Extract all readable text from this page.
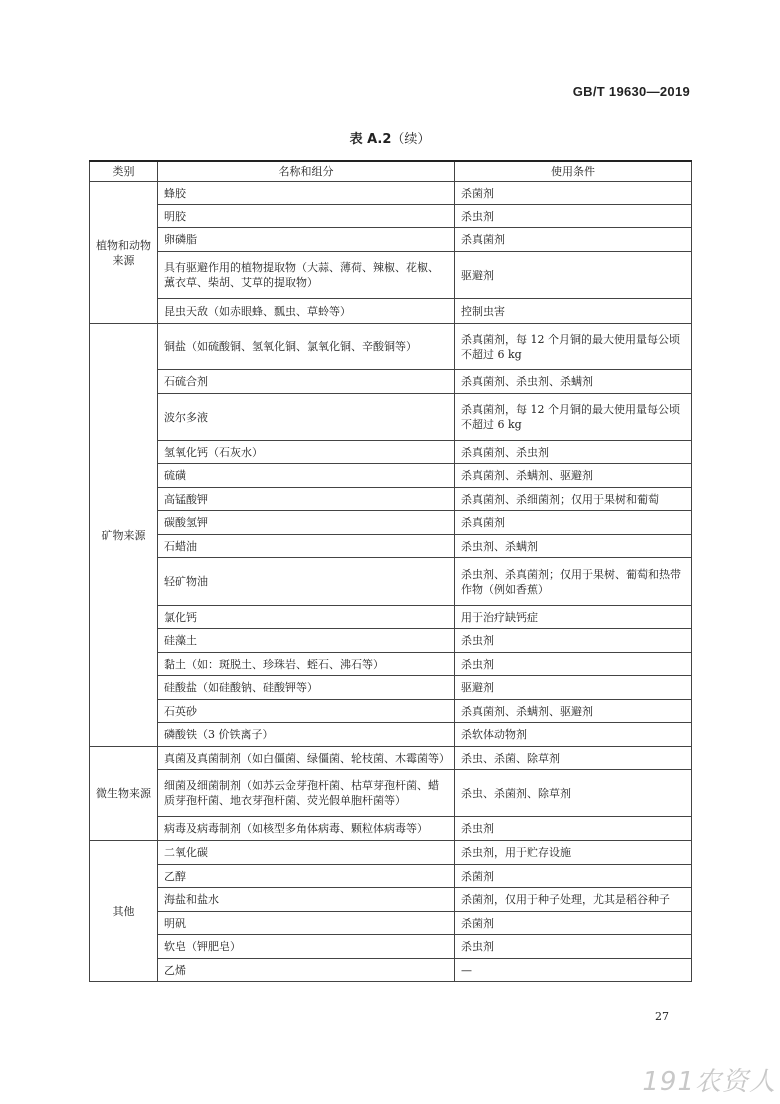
GB/T 19630—2019
表 A.2（续）
类别	名称和组分	使用条件
植物和动物来源	蜂胶	杀菌剂
	明胶	杀虫剂
	卵磷脂	杀真菌剂
	具有驱避作用的植物提取物（大蒜、薄荷、辣椒、花椒、薰衣草、柴胡、艾草的提取物）	驱避剂
	昆虫天敌（如赤眼蜂、瓢虫、草蛉等）	控制虫害
矿物来源	铜盐（如硫酸铜、氢氧化铜、氯氧化铜、辛酸铜等）	杀真菌剂，每 12 个月铜的最大使用量每公顷不超过 6 kg
	石硫合剂	杀真菌剂、杀虫剂、杀螨剂
	波尔多液	杀真菌剂，每 12 个月铜的最大使用量每公顷不超过 6 kg
	氢氧化钙（石灰水）	杀真菌剂、杀虫剂
	硫磺	杀真菌剂、杀螨剂、驱避剂
	高锰酸钾	杀真菌剂、杀细菌剂；仅用于果树和葡萄
	碳酸氢钾	杀真菌剂
	石蜡油	杀虫剂、杀螨剂
	轻矿物油	杀虫剂、杀真菌剂；仅用于果树、葡萄和热带作物（例如香蕉）
	氯化钙	用于治疗缺钙症
	硅藻土	杀虫剂
	黏土（如：斑脱土、珍珠岩、蛭石、沸石等）	杀虫剂
	硅酸盐（如硅酸钠、硅酸钾等）	驱避剂
	石英砂	杀真菌剂、杀螨剂、驱避剂
	磷酸铁（3 价铁离子）	杀软体动物剂
微生物来源	真菌及真菌制剂（如白僵菌、绿僵菌、轮枝菌、木霉菌等）	杀虫、杀菌、除草剂
	细菌及细菌制剂（如苏云金芽孢杆菌、枯草芽孢杆菌、蜡质芽孢杆菌、地衣芽孢杆菌、荧光假单胞杆菌等）	杀虫、杀菌剂、除草剂
	病毒及病毒制剂（如核型多角体病毒、颗粒体病毒等）	杀虫剂
其他	二氧化碳	杀虫剂，用于贮存设施
	乙醇	杀菌剂
	海盐和盐水	杀菌剂，仅用于种子处理，尤其是稻谷种子
	明矾	杀菌剂
	软皂（钾肥皂）	杀虫剂
	乙烯	—
27
191农资人
